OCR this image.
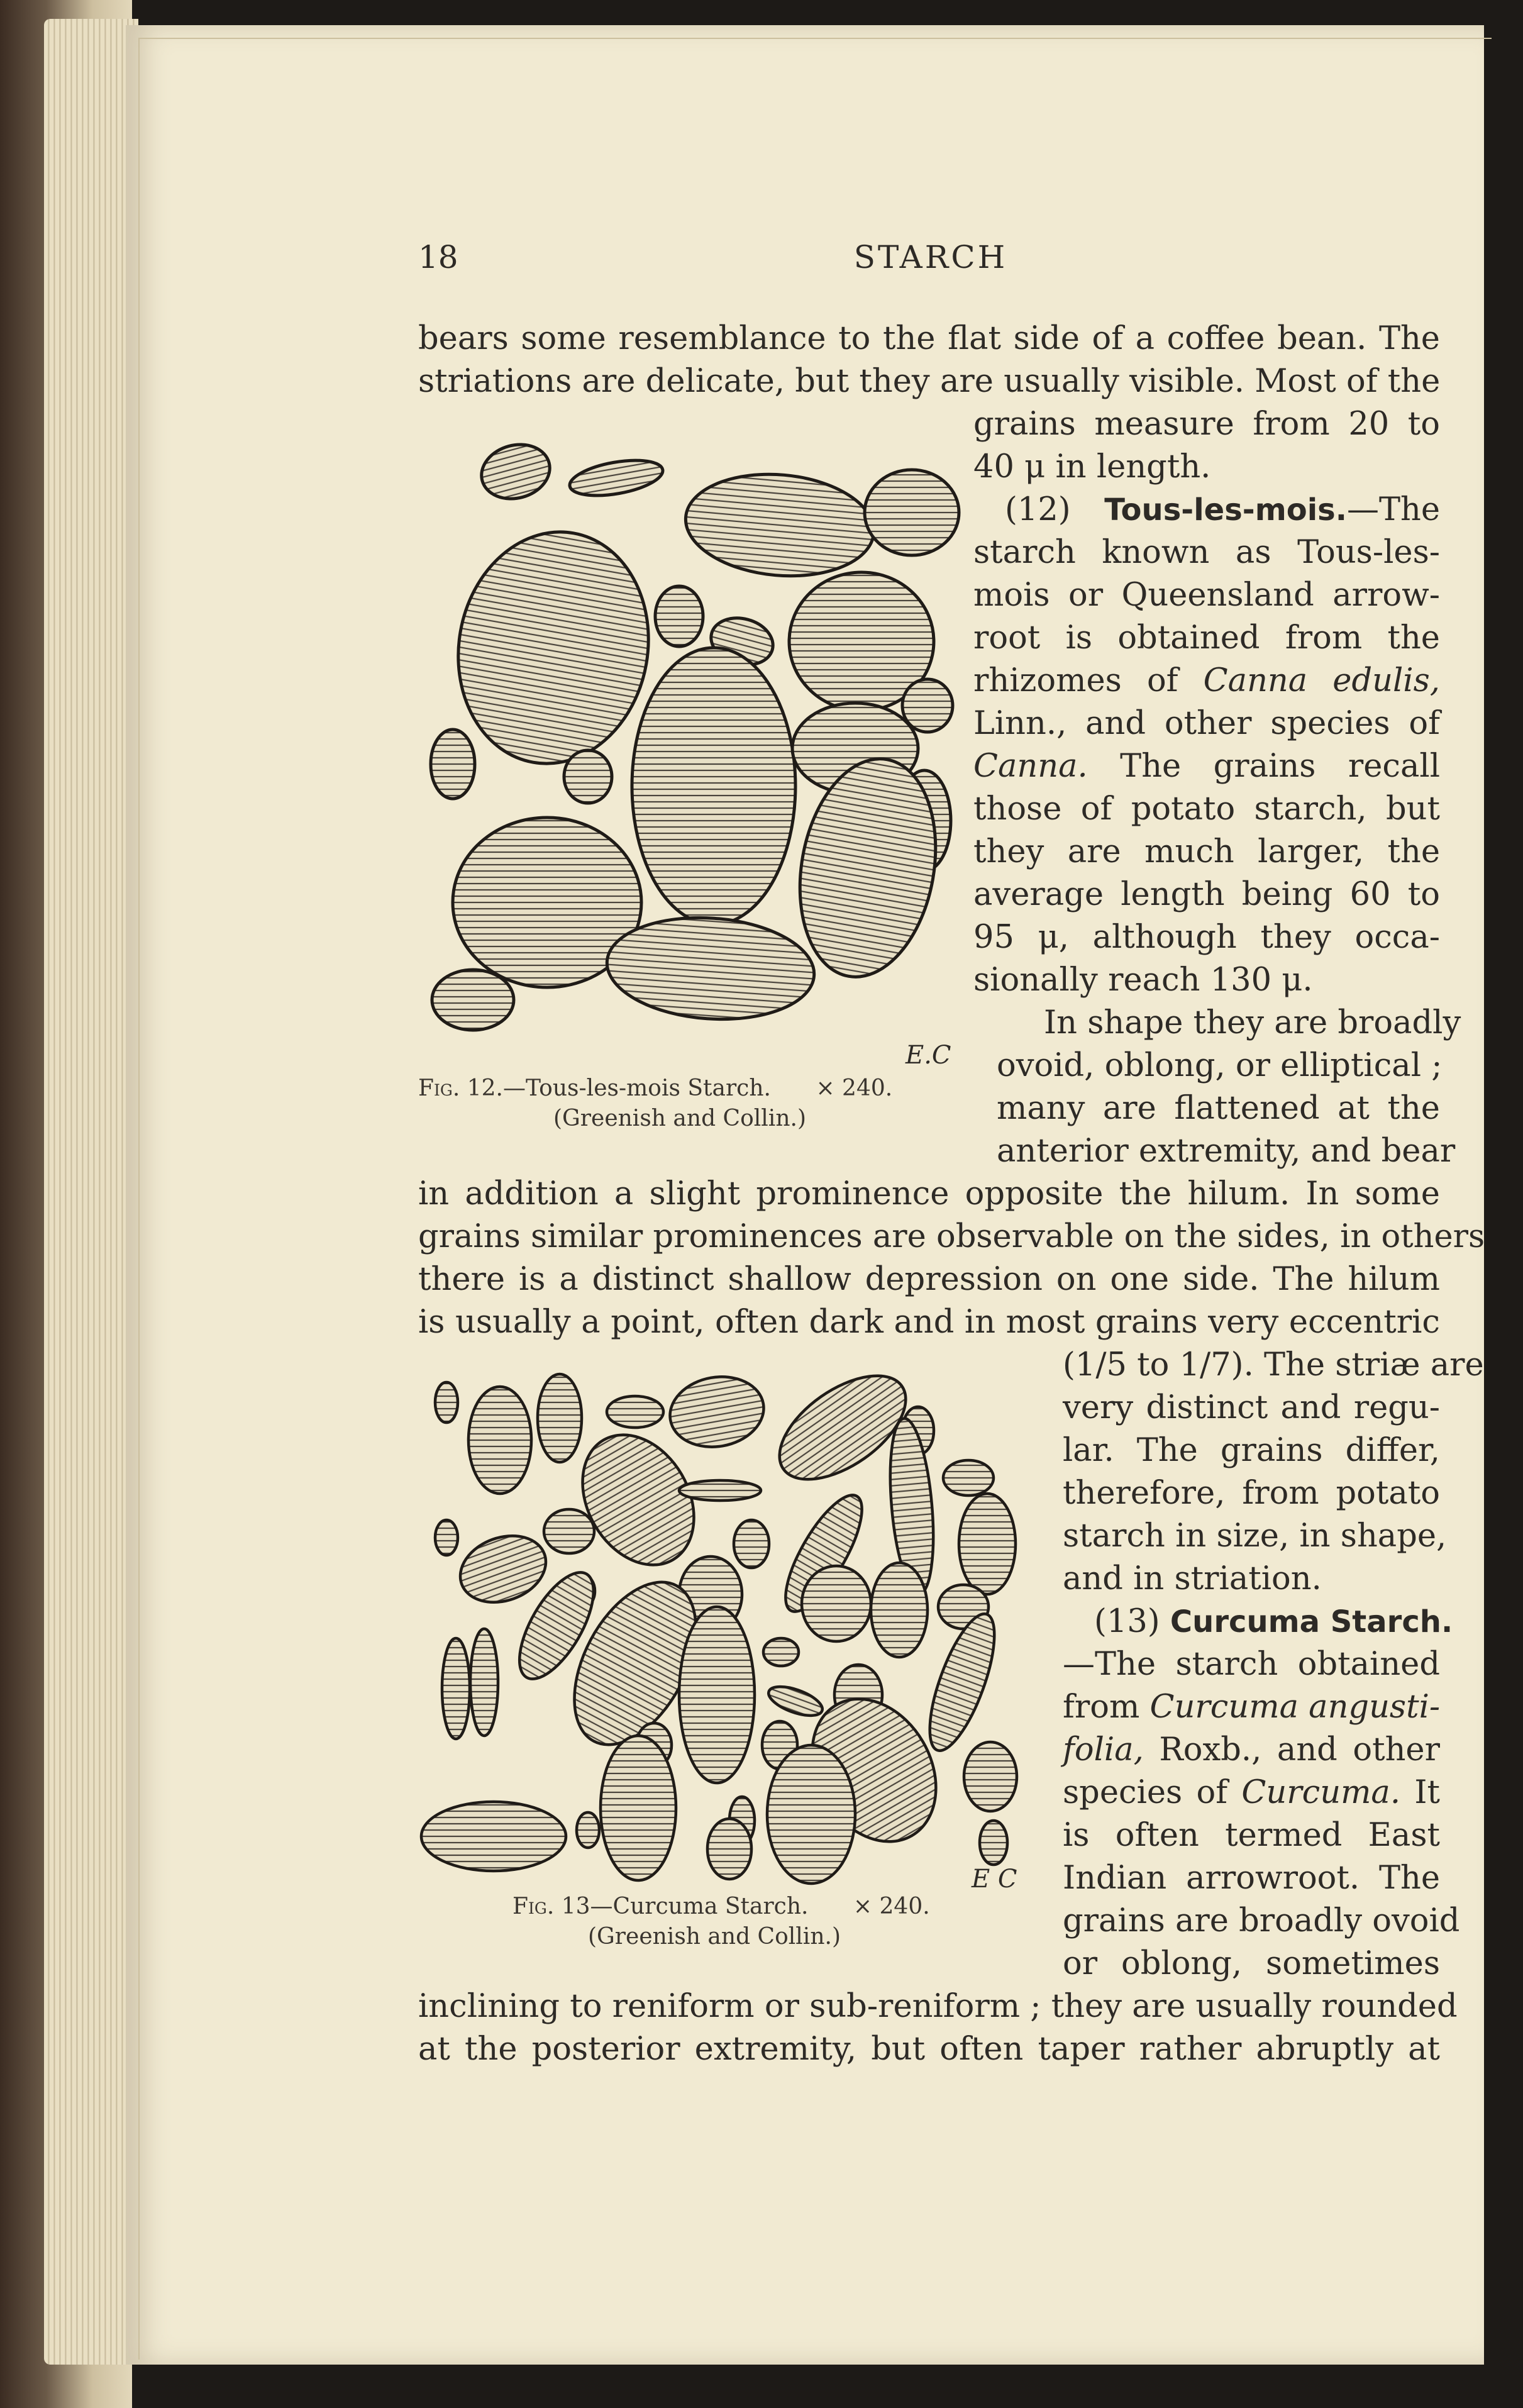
18	STARCH
bears some resemblance to the flat side of a coffee bean. The
striations are delicate, but they are usually visible. Most of the
grains measure from 20 to
40 μ in length.
(12) Tous-les-mois.—The
starch known as Tous-les-
mois or Queensland arrow-
root is obtained from the
rhizomes of Canna edulis,
Linn., and other species of
Canna. The grains recall
those of potato starch, but
they are much larger, the
average length being 60 to
95 μ, although they occa-
sionally reach 130 μ.
In shape they are broadly
ovoid, oblong, or elliptical ;
many are flattened at the
anterior extremity, and bear
in addition a slight prominence opposite the hilum. In some
grains similar prominences are observable on the sides, in others
there is a distinct shallow depression on one side. The hilum
is usually a point, often dark and in most grains very eccentric
(1/5 to 1/7). The striæ are
very distinct and regu-
lar. The grains differ,
therefore, from potato
starch in size, in shape,
and in striation.
(13) Curcuma Starch.
—The starch obtained
from Curcuma angusti-
folia, Roxb., and other
species of Curcuma. It
is often termed East
Indian arrowroot. The
grains are broadly ovoid
or oblong, sometimes
inclining to reniform or sub-reniform ; they are usually rounded
at the posterior extremity, but often taper rather abruptly at
E.C
Fig. 12.—Tous-les-mois Starch. × 240.
(Greenish and Collin.)
E C
Fig. 13—Curcuma Starch. × 240.
(Greenish and Collin.)
